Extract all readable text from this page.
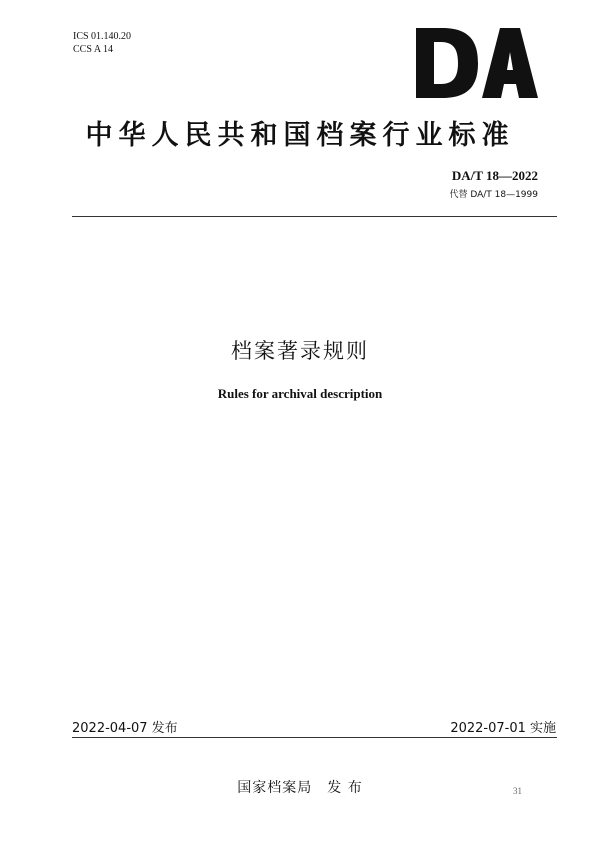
ICS 01.140.20
CCS A 14
中华人民共和国档案行业标准
DA/T 18—2022
代替 DA/T 18—1999
档案著录规则
Rules for archival description
2022-04-07 发布	2022-07-01 实施
国家档案局　发 布	31
